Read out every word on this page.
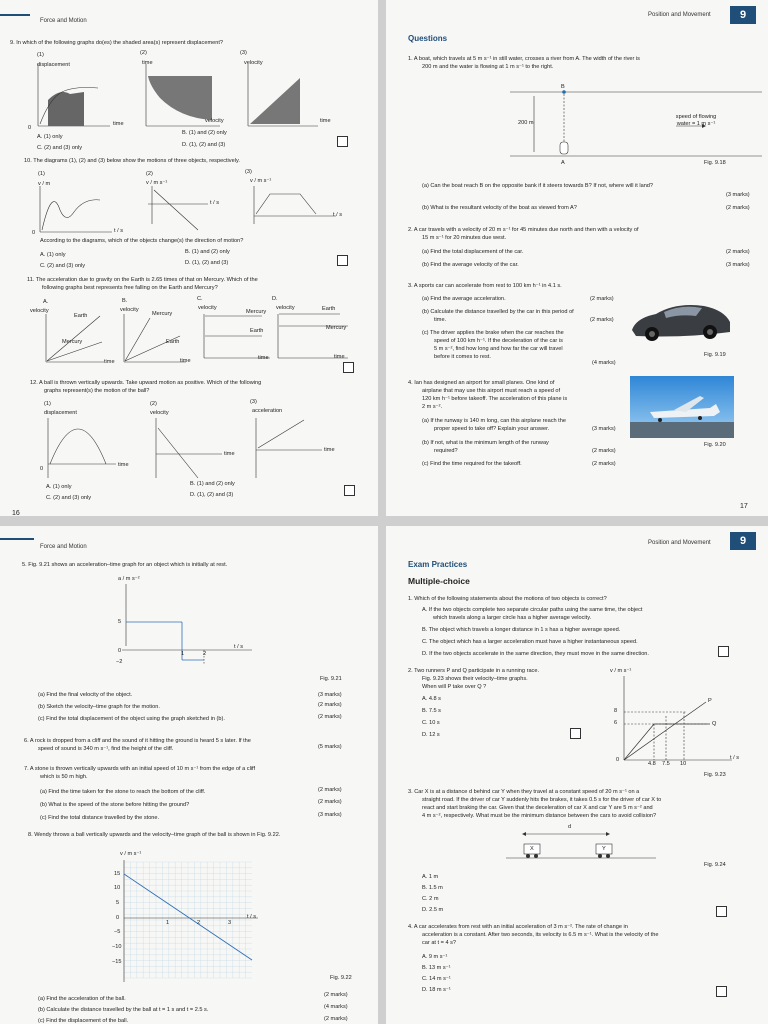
Force and Motion
9. In which of the following graphs do(es) the shaded area(s) represent displacement?
(1)	(2)	(3)
displacement	time	velocity
time	velocity	time
0
A. (1) only
B. (1) and (2) only
C. (2) and (3) only	D. (1), (2) and (3)
10. The diagrams (1), (2) and (3) below show the motions of three objects, respectively.
(1)	(2)	(3)
v / m	v / m s⁻¹	v / m s⁻¹
t / s
t / s
t / s
0
According to the diagrams, which of the objects change(s) the direction of motion?
A. (1) only	B. (1) and (2) only
C. (2) and (3) only	D. (1), (2) and (3)
11. The acceleration due to gravity on the Earth is 2.65 times of that on Mercury. Which of the
following graphs best represents free falling on the Earth and Mercury?
A.	B.	C.	D.
velocity	velocity	velocity	velocity
Earth
Mercury
Mercury
Earth
Mercury
Earth
Earth
Mercury
time	time	time	time
12. A ball is thrown vertically upwards. Take upward motion as positive. Which of the following
graphs represent(s) the motion of the ball?
(1)	(2)	(3)
displacement	velocity	acceleration
time
time
time
0
A. (1) only	B. (1) and (2) only
C. (2) and (3) only	D. (1), (2) and (3)
16
Position and Movement	9
Questions
1. A boat, which travels at 5 m s⁻¹ in still water, crosses a river from A. The width of the river is
200 m and the water is flowing at 1 m s⁻¹ to the right.
B
A
200 m
speed of flowing water = 1 m s⁻¹
Fig. 9.18
(a) Can the boat reach B on the opposite bank if it steers towards B? If not, where will it land?
(3 marks)
(b) What is the resultant velocity of the boat as viewed from A?	(2 marks)
2. A car travels with a velocity of 20 m s⁻¹ for 45 minutes due north and then with a velocity of
15 m s⁻¹ for 20 minutes due west.
(a) Find the total displacement of the car.	(2 marks)
(b) Find the average velocity of the car.	(3 marks)
3. A sports car can accelerate from rest to 100 km h⁻¹ in 4.1 s.
(a) Find the average acceleration.	(2 marks)
(b) Calculate the distance travelled by the car in this period of
time.	(2 marks)
(c) The driver applies the brake when the car reaches the
speed of 100 km h⁻¹. If the deceleration of the car is
5 m s⁻², find how long and how far the car will travel
before it comes to rest.
(4 marks)
Fig. 9.19
4. Ian has designed an airport for small planes. One kind of
airplane that may use this airport must reach a speed of
120 km h⁻¹ before takeoff. The acceleration of this plane is
2 m s⁻².
(a) If the runway is 140 m long, can this airplane reach the
proper speed to take off? Explain your answer.	(3 marks)
(b) If not, what is the minimum length of the runway
required?	(2 marks)
(c) Find the time required for the takeoff.	(2 marks)
Fig. 9.20
17
Force and Motion
5. Fig. 9.21 shows an acceleration–time graph for an object which is initially at rest.
a / m s⁻²
t / s
5
−2
0	1	2
Fig. 9.21
(a) Find the final velocity of the object.	(3 marks)
(b) Sketch the velocity–time graph for the motion.	(2 marks)
(c) Find the total displacement of the object using the graph sketched in (b).	(2 marks)
6. A rock is dropped from a cliff and the sound of it hitting the ground is heard 5 s later. If the
speed of sound is 340 m s⁻¹, find the height of the cliff.	(5 marks)
7. A stone is thrown vertically upwards with an initial speed of 10 m s⁻¹ from the edge of a cliff
which is 50 m high.
(a) Find the time taken for the stone to reach the bottom of the cliff.	(2 marks)
(b) What is the speed of the stone before hitting the ground?	(2 marks)
(c) Find the total distance travelled by the stone.	(3 marks)
8. Wendy throws a ball vertically upwards and the velocity–time graph of the ball is shown in Fig. 9.22.
v / m s⁻¹
t / s
15
10
5
0
−5
−10
−15
1	2	3
Fig. 9.22
(a) Find the acceleration of the ball.
(2 marks)
(b) Calculate the distance travelled by the ball at t = 1 s and t = 2.5 s.	(4 marks)
(c) Find the displacement of the ball.	(2 marks)
Position and Movement	9
Exam Practices
Multiple-choice
1. Which of the following statements about the motions of two objects is correct?
A. If the two objects complete two separate circular paths using the same time, the object
which travels along a larger circle has a higher average velocity.
B. The object which travels a longer distance in 1 s has a higher average speed.
C. The object which has a larger acceleration must have a higher instantaneous speed.
D. If the two objects accelerate in the same direction, they must move in the same direction.
2. Two runners P and Q participate in a running race.
Fig. 9.23 shows their velocity–time graphs.
When will P take over Q ?
A. 4.8 s
B. 7.5 s
C. 10 s
D. 12 s
v / m s⁻¹
t / s
8
6
0
4.8 7.5 10
P
Q
Fig. 9.23
3. Car X is at a distance d behind car Y when they travel at a constant speed of 20 m s⁻¹ on a
straight road. If the driver of car Y suddenly hits the brakes, it takes 0.5 s for the driver of car X to
react and start braking the car. Given that the deceleration of car X and car Y are 5 m s⁻² and
4 m s⁻², respectively. What must be the minimum distance between the cars to avoid collision?
d
X	Y
Fig. 9.24
A. 1 m
B. 1.5 m
C. 2 m
D. 2.5 m
4. A car accelerates from rest with an initial acceleration of 3 m s⁻². The rate of change in
acceleration is a constant. After two seconds, its velocity is 6.5 m s⁻¹. What is the velocity of the
car at t = 4 s?
A. 9 m s⁻¹
B. 13 m s⁻¹
C. 14 m s⁻¹
D. 18 m s⁻¹
